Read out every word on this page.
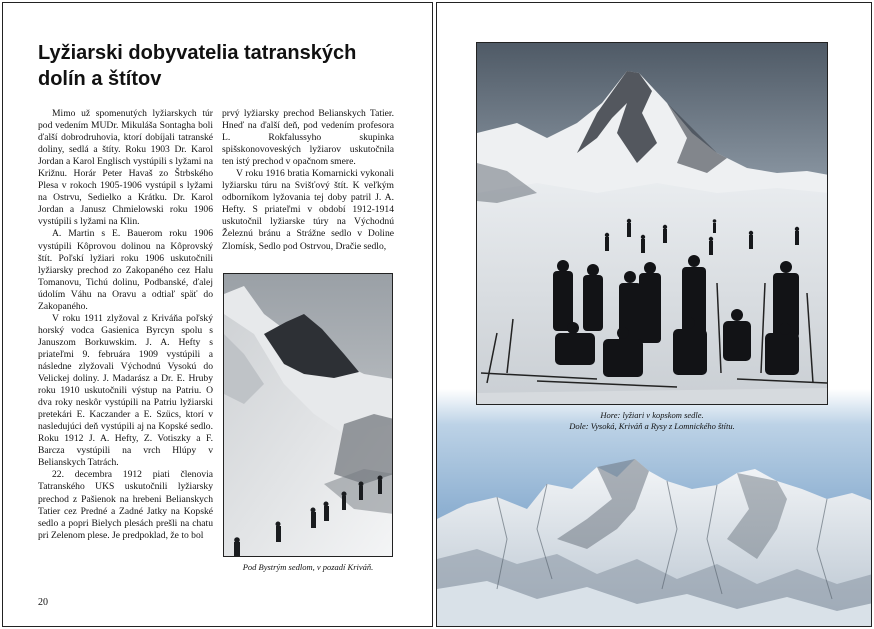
Lyžiarski dobyvatelia tatranských
dolín a štítov

Mimo už spomenutých lyžiarskych túr pod vedením MUDr. Mikuláša Sontagha boli ďalší dobrodruhovia, ktorí dobíjali tatranské doliny, sedlá a štíty. Roku 1903 Dr. Karol Jordan a Karol Englisch vystúpili s lyžami na Križnu. Horár Peter Havaš zo Štrbského Plesa v rokoch 1905-1906 vystúpil s lyžami na Ostrvu, Sedielko a Krátku. Dr. Karol Jordan a Janusz Chmielowski roku 1906 vystúpili s lyžami na Klin.

A. Martin s E. Bauerom roku 1906 vystúpili Kôprovou dolinou na Kôprovský štít. Poľskí lyžiari roku 1906 uskutočnili lyžiarsky prechod zo Zakopaného cez Halu Tomanovu, Tichú dolinu, Podbanské, ďalej údolím Váhu na Oravu a odtiaľ späť do Zakopaného.

V roku 1911 zlyžoval z Kriváňa poľský horský vodca Gasienica Byrcyn spolu s Januszom Borkuwskim. J. A. Hefty s priateľmi 9. februára 1909 vystúpili a následne zlyžovali Východnú Vysokú do Velickej doliny. J. Madarász a Dr. E. Hruby roku 1910 uskutočnili výstup na Patriu. O dva roky neskôr vystúpili na Patriu lyžiarski pretekári E. Kaczander a E. Szücs, ktorí v nasledujúci deň vystúpili aj na Kopské sedlo. Roku 1912 J. A. Hefty, Z. Votiszky a F. Barcza vystúpili na vrch Hlúpy v Belianskych Tatrách.

22. decembra 1912 piati členovia Tatranského UKS uskutočnili lyžiarsky prechod z Pašienok na hrebeni Belianskych Tatier cez Predné a Zadné Jatky na Kopské sedlo a popri Bielych plesách prešli na chatu pri Zelenom plese. Je predpoklad, že to bol

prvý lyžiarsky prechod Belianskych Tatier. Hneď na ďalší deň, pod vedením profesora L. Rokfalussyho skupinka spišskonovoveských lyžiarov uskutočnila ten istý prechod v opačnom smere.

V roku 1916 bratia Komarnicki vykonali lyžiarsku túru na Svišťový štít. K veľkým odborníkom lyžovania tej doby patril J. A. Hefty. S priateľmi v období 1912-1914 uskutočnil lyžiarske túry na Východnú Železnú bránu a Strážne sedlo v Doline Zlomísk, Sedlo pod Ostrvou, Dračie sedlo,

Pod Bystrým sedlom, v pozadí Kriváň.
20
Hore: lyžiari v kopskom sedle.
Dole: Vysoká, Kriváň a Rysy z Lomnického štítu.
